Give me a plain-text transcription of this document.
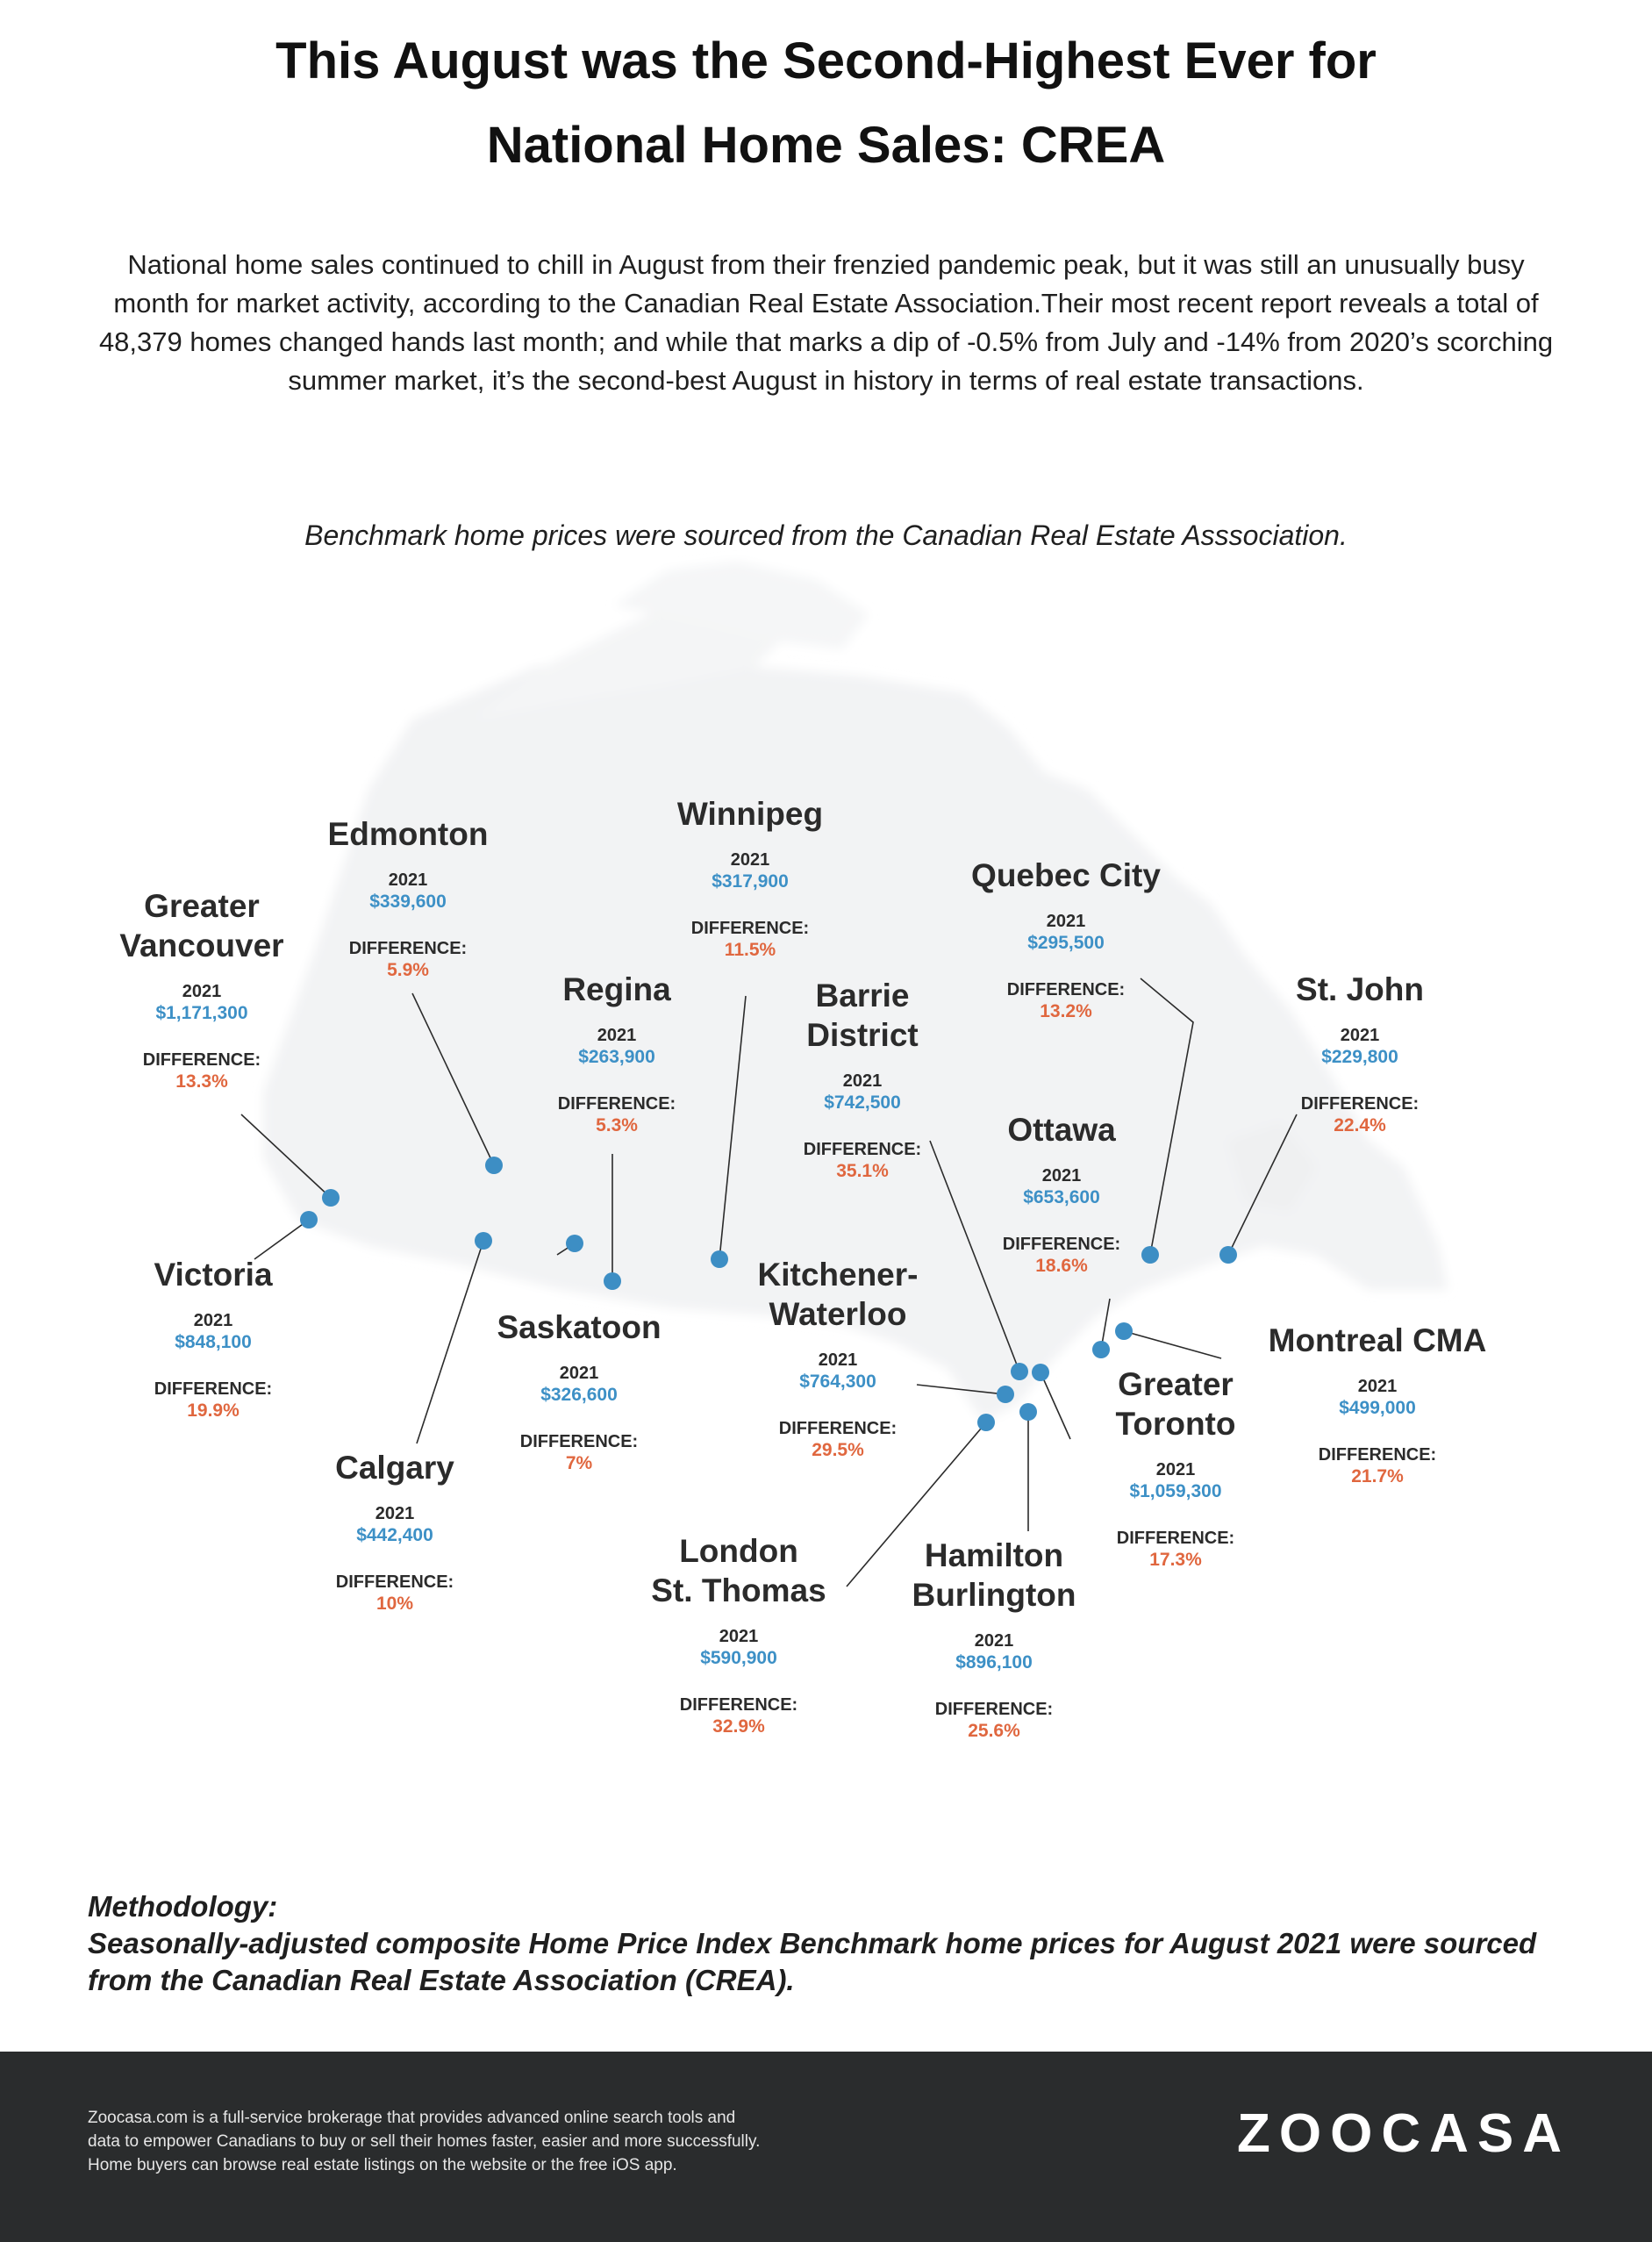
This August was the Second-Highest Ever for
National Home Sales: CREA

National home sales continued to chill in August from their frenzied pandemic peak, but it was still an unusually busy month for market activity, according to the Canadian Real Estate Association.Their most recent report reveals a total of 48,379 homes changed hands last month; and while that marks a dip of -0.5% from July and -14% from 2020’s scorching summer market, it’s the second-best August in history in terms of real estate transactions.

Benchmark home prices were sourced from the Canadian Real Estate Asssociation.

Greater
Vancouver
2021
$1,171,300
DIFFERENCE:
13.3%
Edmonton
2021
$339,600
DIFFERENCE:
5.9%
Winnipeg
2021
$317,900
DIFFERENCE:
11.5%
Quebec City
2021
$295,500
DIFFERENCE:
13.2%
St. John
2021
$229,800
DIFFERENCE:
22.4%
Regina
2021
$263,900
DIFFERENCE:
5.3%
Barrie
District
2021
$742,500
DIFFERENCE:
35.1%
Ottawa
2021
$653,600
DIFFERENCE:
18.6%
Victoria
2021
$848,100
DIFFERENCE:
19.9%
Kitchener-
Waterloo
2021
$764,300
DIFFERENCE:
29.5%
Saskatoon
2021
$326,600
DIFFERENCE:
7%
Montreal CMA
2021
$499,000
DIFFERENCE:
21.7%
Greater
Toronto
2021
$1,059,300
DIFFERENCE:
17.3%
Calgary
2021
$442,400
DIFFERENCE:
10%
London
St. Thomas
2021
$590,900
DIFFERENCE:
32.9%
Hamilton
Burlington
2021
$896,100
DIFFERENCE:
25.6%

Methodology:

Seasonally-adjusted composite Home Price Index Benchmark home prices for August 2021 were sourced from the Canadian Real Estate Association (CREA).

Zoocasa.com is a full-service brokerage that provides advanced online search tools and
data to empower Canadians to buy or sell their homes faster, easier and more successfully.
Home buyers can browse real estate listings on the website or the free iOS app.
ZOOCASA
